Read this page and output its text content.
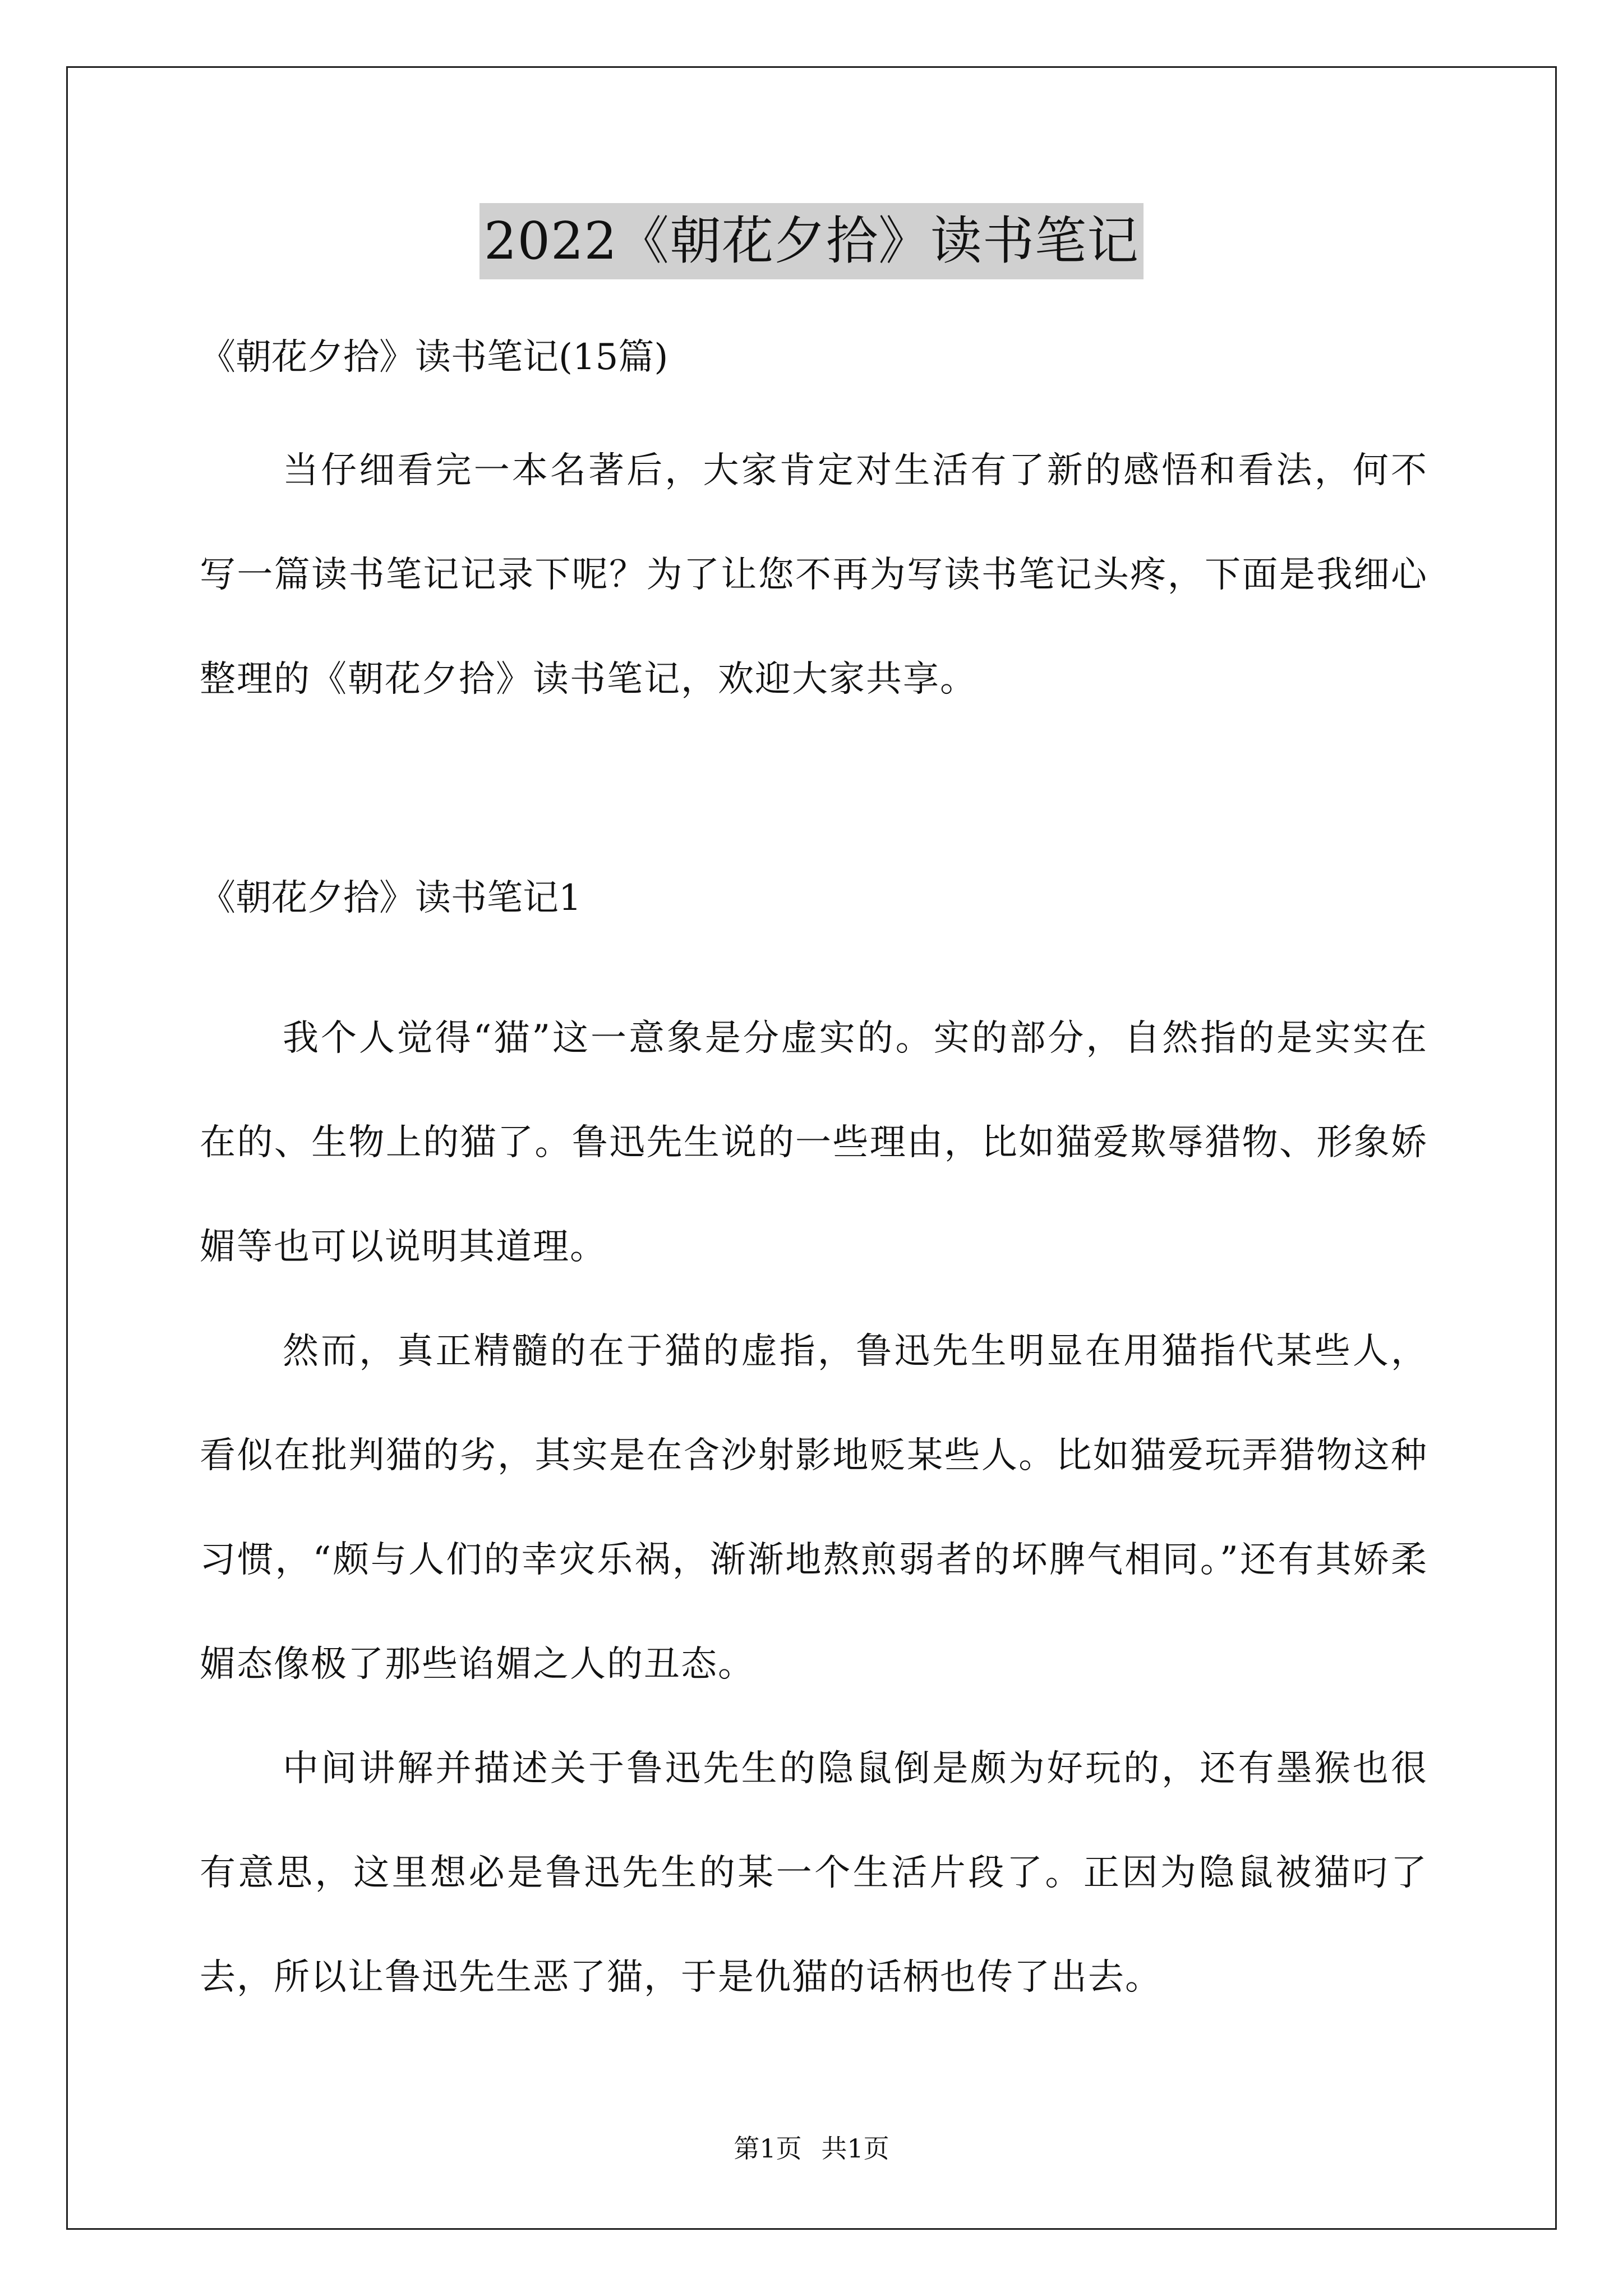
2022《朝花夕拾》读书笔记

《朝花夕拾》读书笔记(15篇)

当仔细看完一本名著后，大家肯定对生活有了新的感悟和看法，何不写一篇读书笔记记录下呢？为了让您不再为写读书笔记头疼，下面是我细心整理的《朝花夕拾》读书笔记，欢迎大家共享。

《朝花夕拾》读书笔记1

我个人觉得“猫”这一意象是分虚实的。实的部分，自然指的是实实在在的、生物上的猫了。鲁迅先生说的一些理由，比如猫爱欺辱猎物、形象娇媚等也可以说明其道理。

然而，真正精髓的在于猫的虚指，鲁迅先生明显在用猫指代某些人，看似在批判猫的劣，其实是在含沙射影地贬某些人。比如猫爱玩弄猎物这种习惯，“颇与人们的幸灾乐祸，渐渐地熬煎弱者的坏脾气相同。”还有其娇柔媚态像极了那些谄媚之人的丑态。

中间讲解并描述关于鲁迅先生的隐鼠倒是颇为好玩的，还有墨猴也很有意思，这里想必是鲁迅先生的某一个生活片段了。正因为隐鼠被猫叼了去，所以让鲁迅先生恶了猫，于是仇猫的话柄也传了出去。

第1页 共1页
